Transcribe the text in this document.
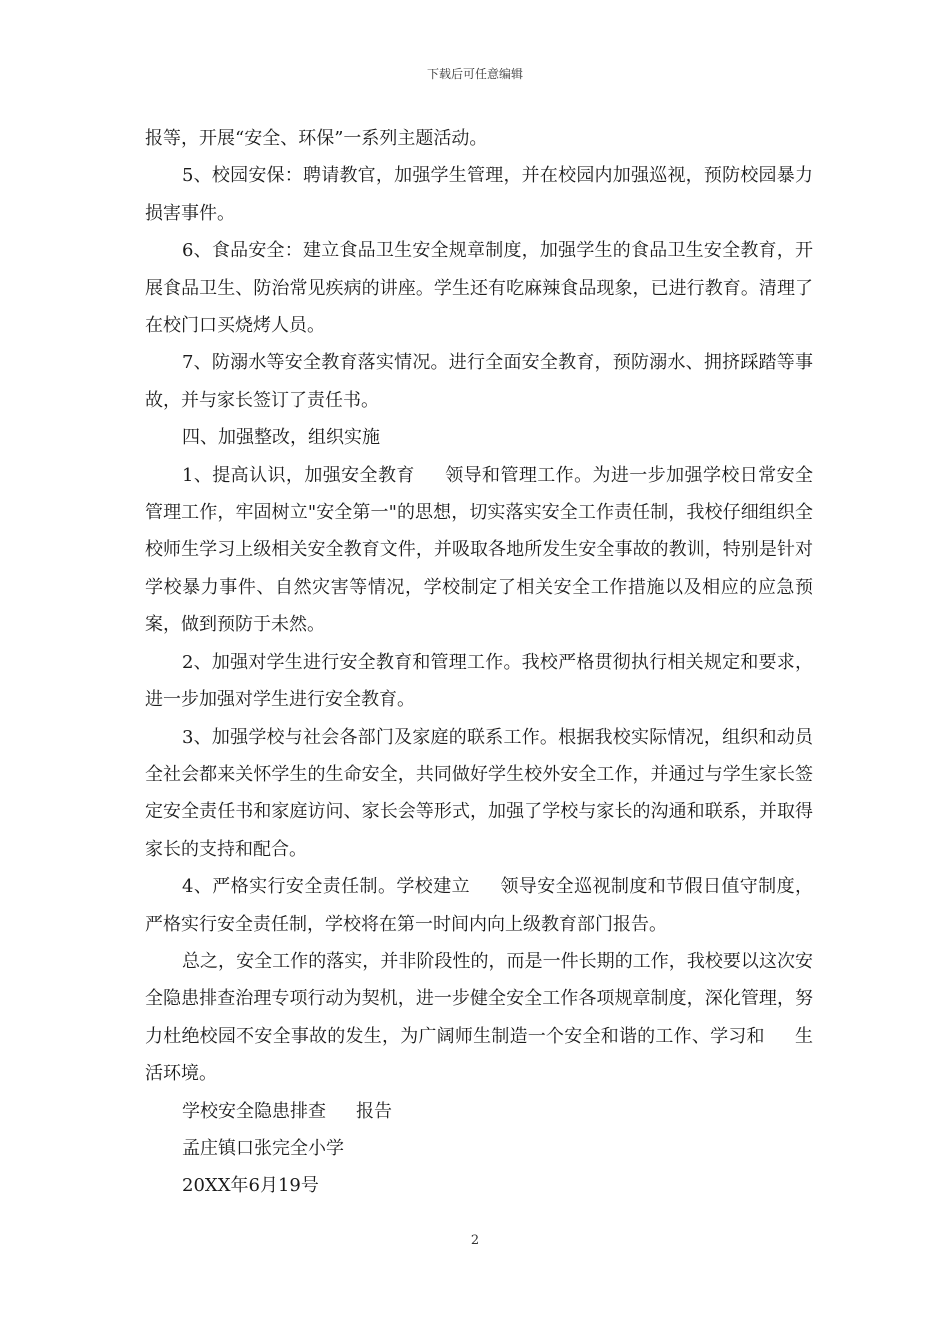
下载后可任意编辑

报等，开展“安全、环保”一系列主题活动。

5、校园安保：聘请教官，加强学生管理，并在校园内加强巡视，预防校园暴力损害事件。

6、食品安全：建立食品卫生安全规章制度，加强学生的食品卫生安全教育，开展食品卫生、防治常见疾病的讲座。学生还有吃麻辣食品现象，已进行教育。清理了在校门口买烧烤人员。

7、防溺水等安全教育落实情况。进行全面安全教育，预防溺水、拥挤踩踏等事故，并与家长签订了责任书。

四、加强整改，组织实施

1、提高认识，加强安全教育 领导和管理工作。为进一步加强学校日常安全管理工作，牢固树立"安全第一"的思想，切实落实安全工作责任制，我校仔细组织全校师生学习上级相关安全教育文件，并吸取各地所发生安全事故的教训，特别是针对学校暴力事件、自然灾害等情况，学校制定了相关安全工作措施以及相应的应急预案，做到预防于未然。

2、加强对学生进行安全教育和管理工作。我校严格贯彻执行相关规定和要求，进一步加强对学生进行安全教育。

3、加强学校与社会各部门及家庭的联系工作。根据我校实际情况，组织和动员全社会都来关怀学生的生命安全，共同做好学生校外安全工作，并通过与学生家长签定安全责任书和家庭访问、家长会等形式，加强了学校与家长的沟通和联系，并取得家长的支持和配合。

4、严格实行安全责任制。学校建立 领导安全巡视制度和节假日值守制度，严格实行安全责任制，学校将在第一时间内向上级教育部门报告。

总之，安全工作的落实，并非阶段性的，而是一件长期的工作，我校要以这次安全隐患排查治理专项行动为契机，进一步健全安全工作各项规章制度，深化管理，努力杜绝校园不安全事故的发生，为广阔师生制造一个安全和谐的工作、学习和 生活环境。

学校安全隐患排查 报告

孟庄镇口张完全小学

20XX年6月19号

2
